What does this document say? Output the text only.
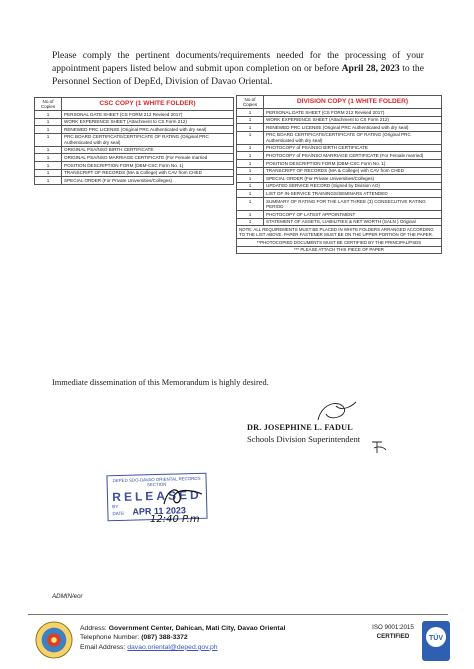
Please comply the pertinent documents/requirements needed for the processing of your appointment papers listed below and submit upon completion on or before April 28, 2023 to the Personnel Section of DepEd, Division of Davao Oriental.
No.of Copies	CSC COPY (1 WHITE FOLDER)
1	PERSONAL DATE SHEET (CS FORM 212 Revised 2017)
1	WORK EXPERIENCE SHEET (Attachment to CS Form 212)
1	RENEWED PRC LICENSE (Original PRC Authenticated with dry seal)
1	PRC BOARD CERTIFICATE/CERTIFICATE OF RATING (Original PRC Authenticated with dry seal)
1	ORIGINAL PSA/NSO BIRTH CERTIFICATE
1	ORIGINAL PSA/NSO MARRIAGE CERTIFICATE (For Female married
1	POSITION DESCRIPTION FORM (DBM-CSC Form No. 1)
1	TRANSCRIPT OF RECORDS (MA & College) with CAV from CHED
1	SPECIAL ORDER (For Private Universities/Colleges)
No.of Copies	DIVISION COPY (1 WHITE FOLDER)
1	PERSONAL DATE SHEET (CS FORM 212 Revised 2017)
1	WORK EXPERIENCE SHEET (Attachment to CS Form 212)
1	RENEWED PRC LICENSE (Original PRC Authenticated with dry seal)
1	PRC BOARD CERTIFICATE/CERTIFICATE OF RATING (Original PRC Authenticated with dry seal)
1	PHOTOCOPY of PSA/NSO BIRTH CERTIFICATE
1	PHOTOCOPY of PSA/NSO MARRIAGE CERTIFICATE (For Female married)
1	POSITION DESCRIPTION FORM (DBM-CSC Form No. 1)
1	TRANSCRIPT OF RECORDS (MA & College) with CAV from CHED
1	SPECIAL ORDER (For Private Universities/Colleges)
1	UPDATED SERVICE RECORD (Signed by Division AO)
1	LIST OF IN-SERVICE TRAININGS/SEMINARS ATTENDED
1	SUMMARY OF RATING FOR THE LAST THREE (3) CONSECUTIVE RATING PERIOD
1	PHOTOCOPY OF LATEST APPOINTMENT
1	STATEMENT OF ASSETS, LIABILITIES & NET WORTH (SALN ) Original
NOTE: ALL REQUIREMENTS MUST BE PLACED IN WHITE FOLDERS ARRANGED ACCORDING TO THE LIST ABOVE. PAPER FASTENER MUST BE ON THE UPPER PORTION OF THE PAPER.	
**PHOTOCOPIED DOCUMENTS MUST BE CERTIFIED BY THE PRINCIPAL/PSDS	
*** PLEASE ATTACH THIS PIECE OF PAPER	
Immediate dissemination of this Memorandum is highly desired.
DR. JOSEPHINE L. FADUL
Schools Division Superintendent
DEPED SDO-DAVAO ORIENTAL RECORDS SECTION
RELEASED
BY
DATE APR 11 2023
12:40 P.m
ADMIN/eor
Address: Government Center, Dahican, Mati City, Davao Oriental
Telephone Number: (087) 388-3372
Email Address: davao.oriental@deped.gov.ph
ISO 9001:2015
CERTIFIED	TÜV
